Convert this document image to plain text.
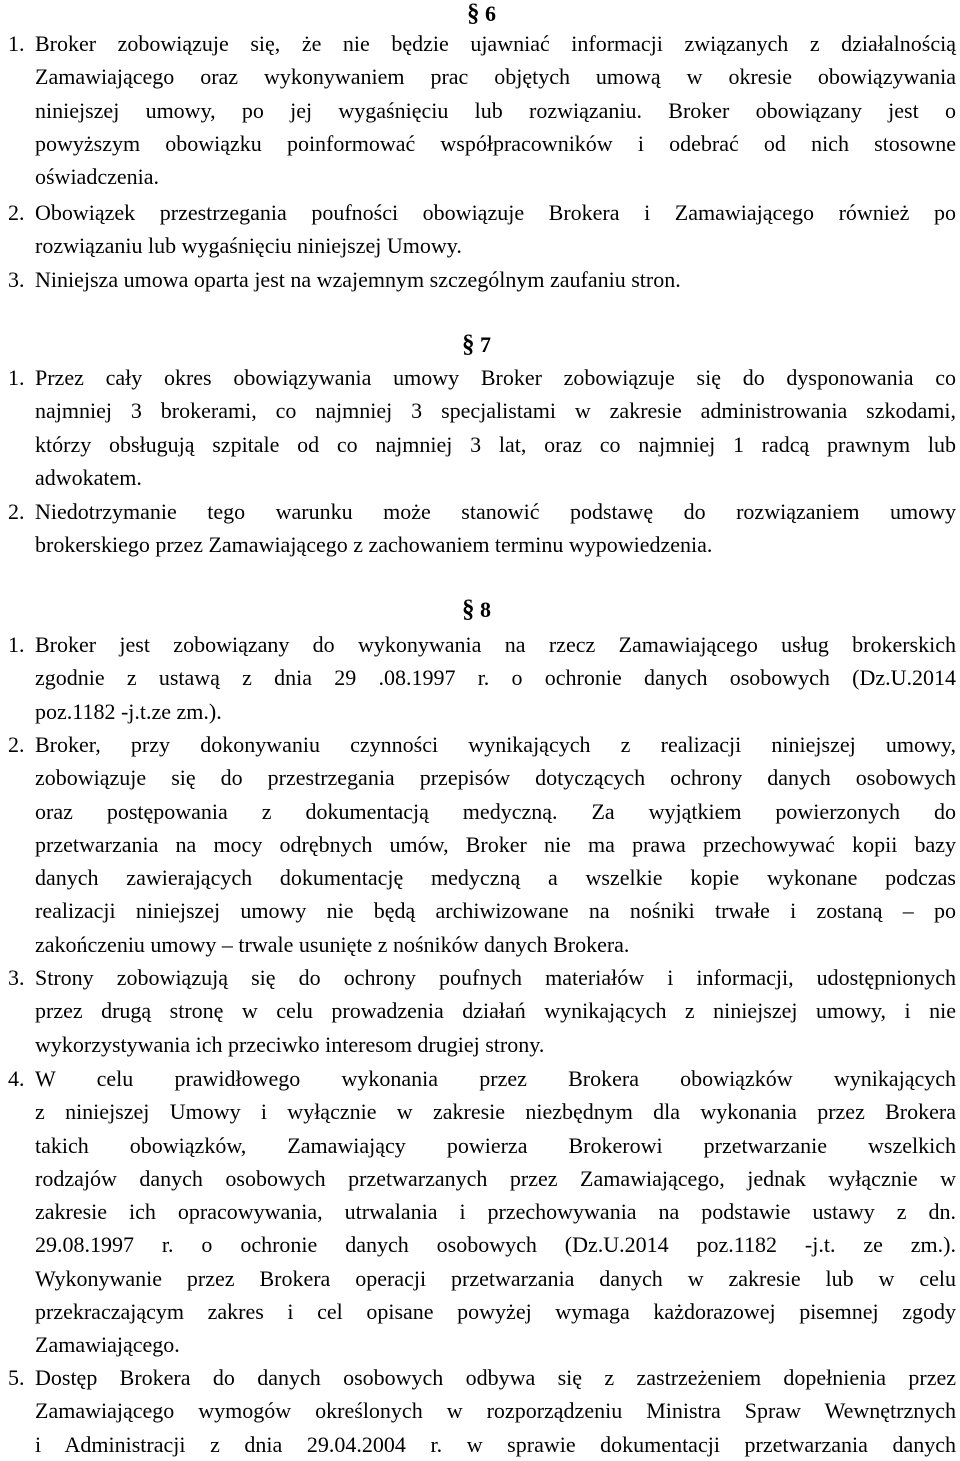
§ 6
1. Broker zobowiązuje się, że nie będzie ujawniać informacji związanych z działalnością
Zamawiającego oraz wykonywaniem prac objętych umową w okresie obowiązywania
niniejszej umowy, po jej wygaśnięciu lub rozwiązaniu. Broker obowiązany jest o
powyższym obowiązku poinformować współpracowników i odebrać od nich stosowne
oświadczenia.
2. Obowiązek przestrzegania poufności obowiązuje Brokera i Zamawiającego również po
rozwiązaniu lub wygaśnięciu niniejszej Umowy.
3. Niniejsza umowa oparta jest na wzajemnym szczególnym zaufaniu stron.
§ 7
1. Przez cały okres obowiązywania umowy Broker zobowiązuje się do dysponowania co
najmniej 3 brokerami, co najmniej 3 specjalistami w zakresie administrowania szkodami,
którzy obsługują szpitale od co najmniej 3 lat, oraz co najmniej 1 radcą prawnym lub
adwokatem.
2. Niedotrzymanie tego warunku może stanowić podstawę do rozwiązaniem umowy
brokerskiego przez Zamawiającego z zachowaniem terminu wypowiedzenia.
§ 8
1. Broker jest zobowiązany do wykonywania na rzecz Zamawiającego usług brokerskich
zgodnie z ustawą z dnia 29 .08.1997 r. o ochronie danych osobowych (Dz.U.2014
poz.1182 -j.t.ze zm.).
2. Broker, przy dokonywaniu czynności wynikających z realizacji niniejszej umowy,
zobowiązuje się do przestrzegania przepisów dotyczących ochrony danych osobowych
oraz postępowania z dokumentacją medyczną. Za wyjątkiem powierzonych do
przetwarzania na mocy odrębnych umów, Broker nie ma prawa przechowywać kopii bazy
danych zawierających dokumentację medyczną a wszelkie kopie wykonane podczas
realizacji niniejszej umowy nie będą archiwizowane na nośniki trwałe i zostaną – po
zakończeniu umowy – trwale usunięte z nośników danych Brokera.
3. Strony zobowiązują się do ochrony poufnych materiałów i informacji, udostępnionych
przez drugą stronę w celu prowadzenia działań wynikających z niniejszej umowy, i nie
wykorzystywania ich przeciwko interesom drugiej strony.
4. W celu prawidłowego wykonania przez Brokera obowiązków wynikających
z niniejszej Umowy i wyłącznie w zakresie niezbędnym dla wykonania przez Brokera
takich obowiązków, Zamawiający powierza Brokerowi przetwarzanie wszelkich
rodzajów danych osobowych przetwarzanych przez Zamawiającego, jednak wyłącznie w
zakresie ich opracowywania, utrwalania i przechowywania na podstawie ustawy z dn.
29.08.1997 r. o ochronie danych osobowych (Dz.U.2014 poz.1182 -j.t. ze zm.).
Wykonywanie przez Brokera operacji przetwarzania danych w zakresie lub w celu
przekraczającym zakres i cel opisane powyżej wymaga każdorazowej pisemnej zgody
Zamawiającego.
5. Dostęp Brokera do danych osobowych odbywa się z zastrzeżeniem dopełnienia przez
Zamawiającego wymogów określonych w rozporządzeniu Ministra Spraw Wewnętrznych
i Administracji z dnia 29.04.2004 r. w sprawie dokumentacji przetwarzania danych
